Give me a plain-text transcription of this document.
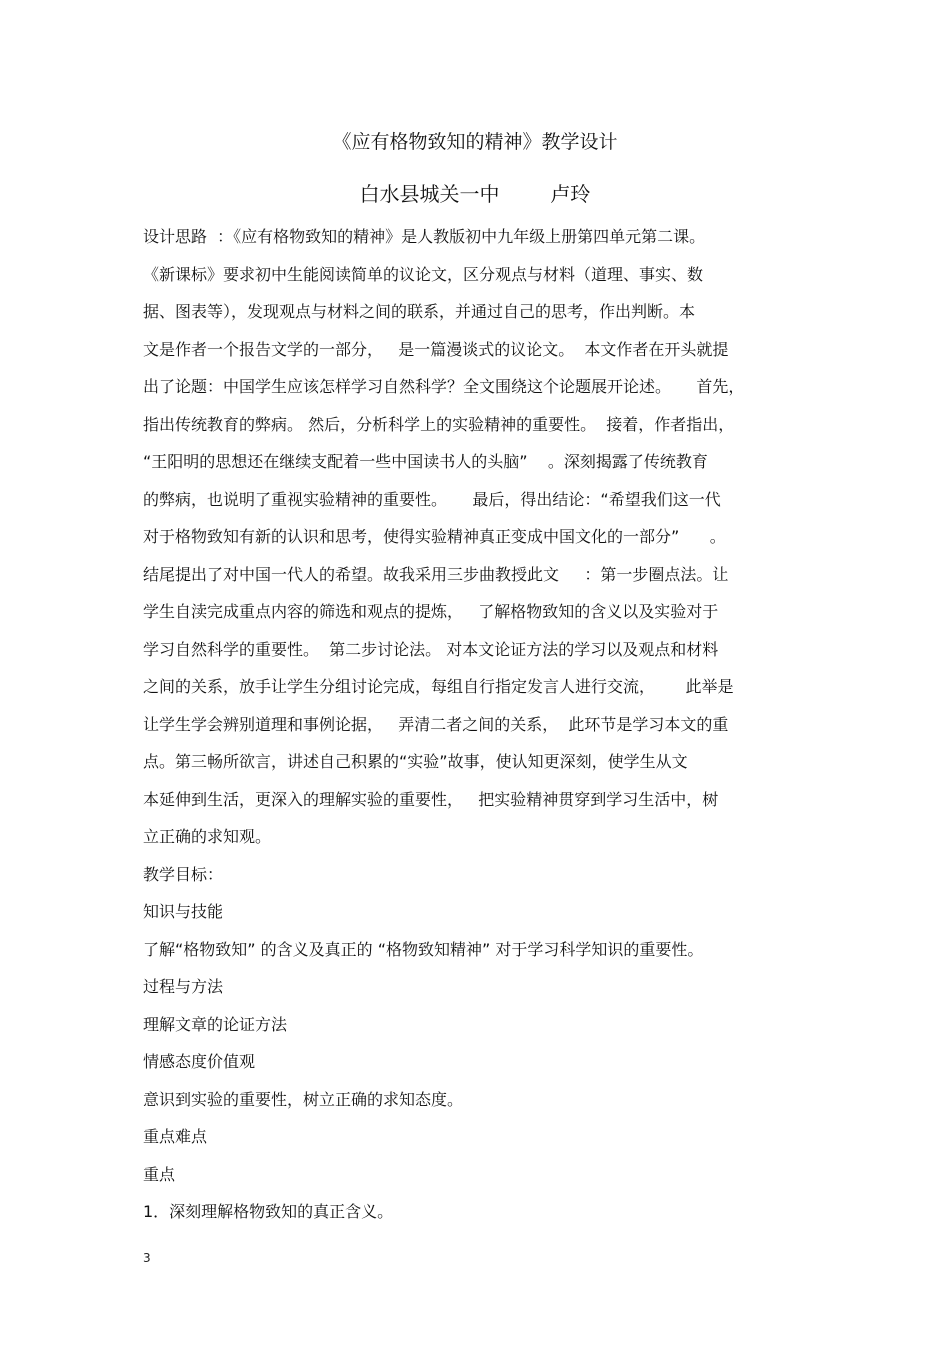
《应有格物致知的精神》教学设计
白水县城关一中        卢玲

设计思路  ：《应有格物致知的精神》是人教版初中九年级上册第四单元第二课。

《新课标》要求初中生能阅读简单的议论文，区分观点与材料（道理、事实、数

据、图表等），发现观点与材料之间的联系，并通过自己的思考，作出判断。本

文是作者一个报告文学的一部分，   是一篇漫谈式的议论文。  本文作者在开头就提

出了论题：中国学生应该怎样学习自然科学？全文围绕这个论题展开论述。     首先，

指出传统教育的弊病。 然后，分析科学上的实验精神的重要性。  接着，作者指出，

“王阳明的思想还在继续支配着一些中国读书人的头脑”    。深刻揭露了传统教育

的弊病，也说明了重视实验精神的重要性。     最后，得出结论：“希望我们这一代

对于格物致知有新的认识和思考，使得实验精神真正变成中国文化的一部分”      。

结尾提出了对中国一代人的希望。故我采用三步曲教授此文     ：第一步圈点法。让

学生自渎完成重点内容的筛选和观点的提炼，   了解格物致知的含义以及实验对于

学习自然科学的重要性。  第二步讨论法。 对本文论证方法的学习以及观点和材料

之间的关系，放手让学生分组讨论完成，每组自行指定发言人进行交流，      此举是

让学生学会辨别道理和事例论据，   弄清二者之间的关系，  此环节是学习本文的重

点。第三畅所欲言，讲述自己积累的“实验”故事，使认知更深刻，使学生从文

本延伸到生活，更深入的理解实验的重要性，   把实验精神贯穿到学习生活中，树

立正确的求知观。

教学目标：

知识与技能

了解“格物致知” 的含义及真正的 “格物致知精神” 对于学习科学知识的重要性。

过程与方法

理解文章的论证方法

情感态度价值观

意识到实验的重要性，树立正确的求知态度。

重点难点

重点

1．深刻理解格物致知的真正含义。

3
